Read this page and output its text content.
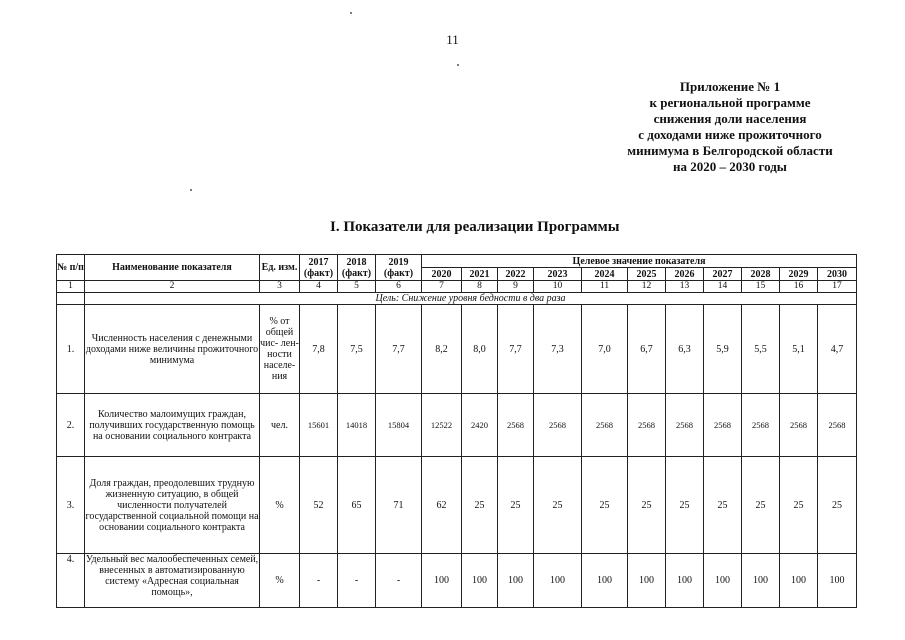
11
Приложение № 1
к региональной программе
снижения доли населения
с доходами ниже прожиточного
минимума в Белгородской области
на 2020 – 2030 годы
I. Показатели для реализации Программы
№ п/п	Наименование показателя	Ед. изм.	2017 (факт)	2018 (факт)	2019 (факт)	Целевое значение показателя										
						2020	2021	2022	2023	2024	2025	2026	2027	2028	2029	2030
1	2	3	4	5	6	7	8	9	10	11	12	13	14	15	16	17
	Цель: Снижение уровня бедности в два раза															
1.	Численность населения с денежными доходами ниже величины прожиточного минимума	% от общей чис- лен- ности населе- ния	7,8	7,5	7,7	8,2	8,0	7,7	7,3	7,0	6,7	6,3	5,9	5,5	5,1	4,7
2.	Количество малоимущих граждан, получивших государственную помощь на основании социального контракта	чел.	15601	14018	15804	12522	2420	2568	2568	2568	2568	2568	2568	2568	2568	2568
3.	Доля граждан, преодолевших трудную жизненную ситуацию, в общей численности получателей государственной социальной помощи на основании социального контракта	%	52	65	71	62	25	25	25	25	25	25	25	25	25	25
4.	Удельный вес малообеспеченных семей, внесенных в автоматизированную систему «Адресная социальная помощь»,	%	-	-	-	100	100	100	100	100	100	100	100	100	100	100
